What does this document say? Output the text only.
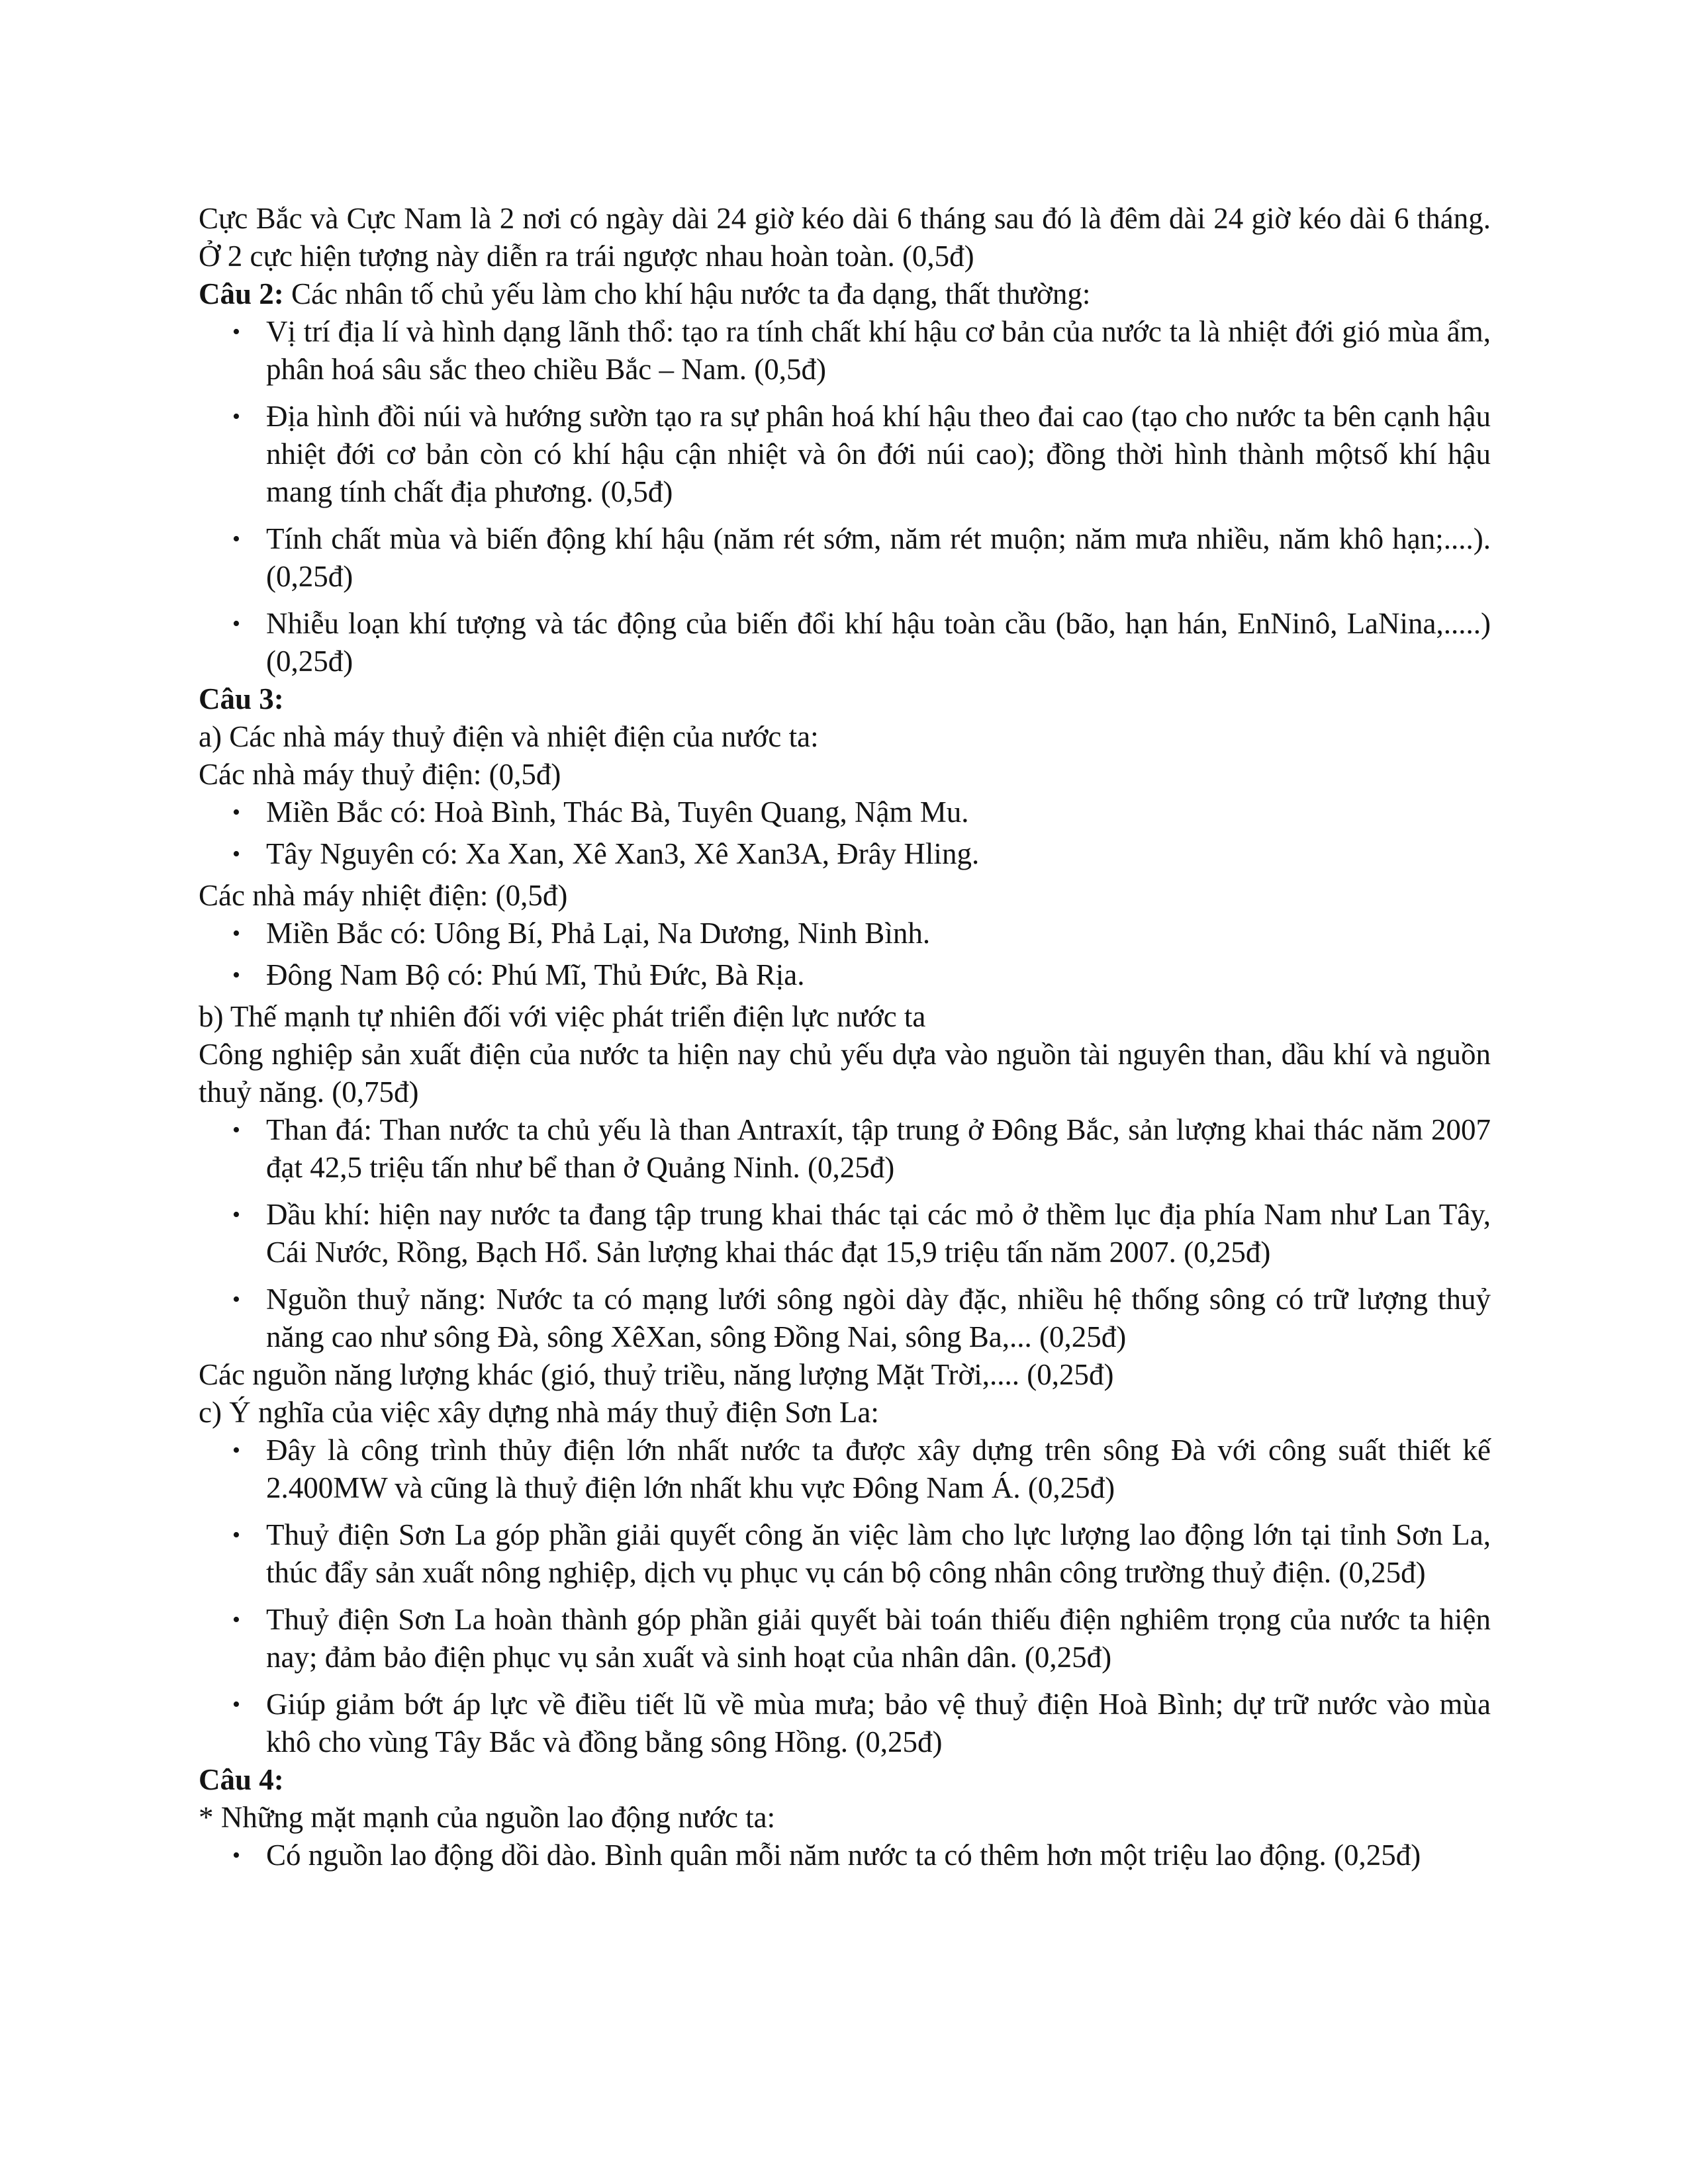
Cực Bắc và Cực Nam là 2 nơi có ngày dài 24 giờ kéo dài 6 tháng sau đó là đêm dài 24 giờ kéo dài 6 tháng. Ở 2 cực hiện tượng này diễn ra trái ngược nhau hoàn toàn. (0,5đ)

Câu 2: Các nhân tố chủ yếu làm cho khí hậu nước ta đa dạng, thất thường:

• Vị trí địa lí và hình dạng lãnh thổ: tạo ra tính chất khí hậu cơ bản của nước ta là nhiệt đới gió mùa ẩm, phân hoá sâu sắc theo chiều Bắc – Nam. (0,5đ)
• Địa hình đồi núi và hướng sườn tạo ra sự phân hoá khí hậu theo đai cao (tạo cho nước ta bên cạnh hậu nhiệt đới cơ bản còn có khí hậu cận nhiệt và ôn đới núi cao); đồng thời hình thành mộtsố khí hậu mang tính chất địa phương. (0,5đ)
• Tính chất mùa và biến động khí hậu (năm rét sớm, năm rét muộn; năm mưa nhiều, năm khô hạn;....). (0,25đ)
• Nhiễu loạn khí tượng và tác động của biến đổi khí hậu toàn cầu (bão, hạn hán, EnNinô, LaNina,.....) (0,25đ)

Câu 3:

a) Các nhà máy thuỷ điện và nhiệt điện của nước ta:

Các nhà máy thuỷ điện: (0,5đ)

• Miền Bắc có: Hoà Bình, Thác Bà, Tuyên Quang, Nậm Mu.
• Tây Nguyên có: Xa Xan, Xê Xan3, Xê Xan3A, Đrây Hling.

Các nhà máy nhiệt điện: (0,5đ)

• Miền Bắc có: Uông Bí, Phả Lại, Na Dương, Ninh Bình.
• Đông Nam Bộ có: Phú Mĩ, Thủ Đức, Bà Rịa.

b) Thế mạnh tự nhiên đối với việc phát triển điện lực nước ta

Công nghiệp sản xuất điện của nước ta hiện nay chủ yếu dựa vào nguồn tài nguyên than, dầu khí và nguồn thuỷ năng. (0,75đ)

• Than đá: Than nước ta chủ yếu là than Antraxít, tập trung ở Đông Bắc, sản lượng khai thác năm 2007 đạt 42,5 triệu tấn như bể than ở Quảng Ninh. (0,25đ)
• Dầu khí: hiện nay nước ta đang tập trung khai thác tại các mỏ ở thềm lục địa phía Nam như Lan Tây, Cái Nước, Rồng, Bạch Hổ. Sản lượng khai thác đạt 15,9 triệu tấn năm 2007. (0,25đ)
• Nguồn thuỷ năng: Nước ta có mạng lưới sông ngòi dày đặc, nhiều hệ thống sông có trữ lượng thuỷ năng cao như sông Đà, sông XêXan, sông Đồng Nai, sông Ba,... (0,25đ)

Các nguồn năng lượng khác (gió, thuỷ triều, năng lượng Mặt Trời,.... (0,25đ)

c) Ý nghĩa của việc xây dựng nhà máy thuỷ điện Sơn La:

• Đây là công trình thủy điện lớn nhất nước ta được xây dựng trên sông Đà với công suất thiết kế 2.400MW và cũng là thuỷ điện lớn nhất khu vực Đông Nam Á. (0,25đ)
• Thuỷ điện Sơn La góp phần giải quyết công ăn việc làm cho lực lượng lao động lớn tại tỉnh Sơn La, thúc đẩy sản xuất nông nghiệp, dịch vụ phục vụ cán bộ công nhân công trường thuỷ điện. (0,25đ)
• Thuỷ điện Sơn La hoàn thành góp phần giải quyết bài toán thiếu điện nghiêm trọng của nước ta hiện nay; đảm bảo điện phục vụ sản xuất và sinh hoạt của nhân dân. (0,25đ)
• Giúp giảm bớt áp lực về điều tiết lũ về mùa mưa; bảo vệ thuỷ điện Hoà Bình; dự trữ nước vào mùa khô cho vùng Tây Bắc và đồng bằng sông Hồng. (0,25đ)

Câu 4:

* Những mặt mạnh của nguồn lao động nước ta:

• Có nguồn lao động dồi dào. Bình quân mỗi năm nước ta có thêm hơn một triệu lao động. (0,25đ)
